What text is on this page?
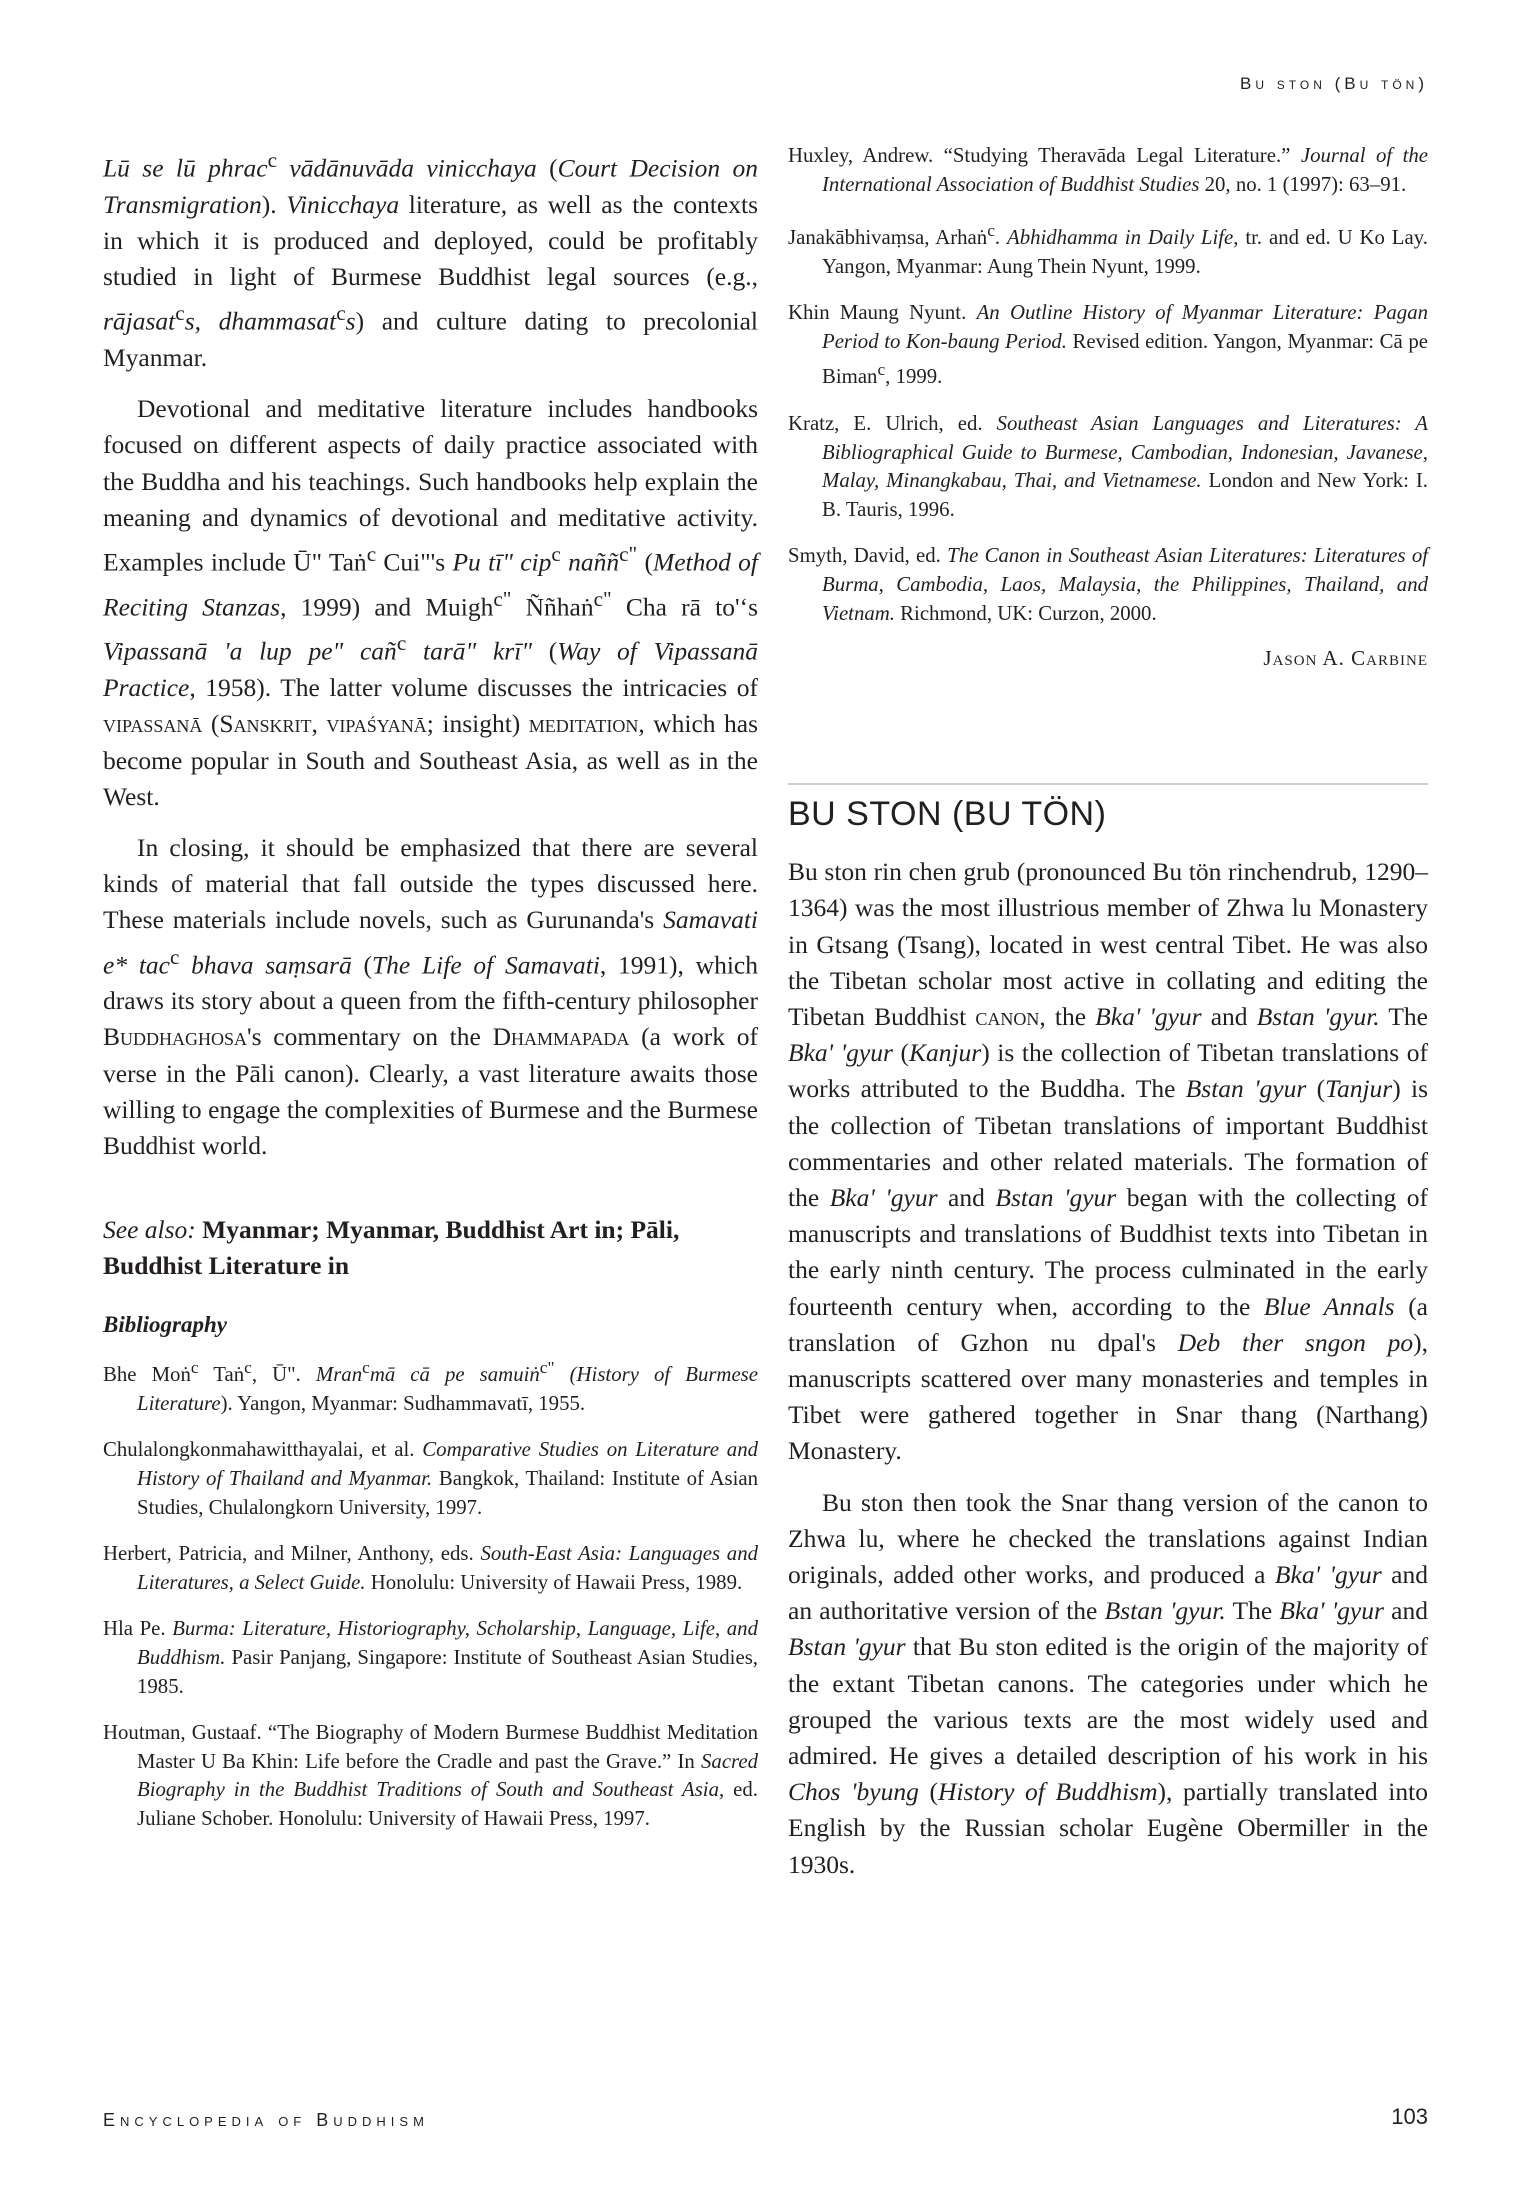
Bu ston (Bu tön)

Lū se lū phrac$^c$ vādānuvāda vinicchaya (Court Decision on Transmigration). Vinicchaya literature, as well as the contexts in which it is produced and deployed, could be profitably studied in light of Burmese Buddhist legal sources (e.g., rājasat$^c$s, dhammasat$^c$s) and culture dating to precolonial Myanmar.

Devotional and meditative literature includes handbooks focused on different aspects of daily practice associated with the Buddha and his teachings. Such handbooks help explain the meaning and dynamics of devotional and meditative activity. Examples include Ū" Taṅ$^c$ Cui"'s Pu tī" cip$^c$ naññ$^{c"}$ (Method of Reciting Stanzas, 1999) and Muigh$^{c"}$ Ññhaṅ$^{c"}$ Cha rā to'‘s Vipassanā 'a lup pe" cañ$^c$ tarā" krī" (Way of Vipassanā Practice, 1958). The latter volume discusses the intricacies of vipassanā (Sanskrit, vipaśyanā; insight) meditation, which has become popular in South and Southeast Asia, as well as in the West.

In closing, it should be emphasized that there are several kinds of material that fall outside the types discussed here. These materials include novels, such as Gurunanda's Samavati e* tac$^c$ bhava saṃsarā (The Life of Samavati, 1991), which draws its story about a queen from the fifth-century philosopher Buddhaghosa's commentary on the Dhammapada (a work of verse in the Pāli canon). Clearly, a vast literature awaits those willing to engage the complexities of Burmese and the Burmese Buddhist world.

See also: Myanmar; Myanmar, Buddhist Art in; Pāli, Buddhist Literature in

Bibliography

Bhe Moṅ$^c$ Taṅ$^c$, Ū". Mran$^c$mā cā pe samuiṅ$^{c"}$ (History of Burmese Literature). Yangon, Myanmar: Sudhammavatī, 1955.

Chulalongkonmahawitthayalai, et al. Comparative Studies on Literature and History of Thailand and Myanmar. Bangkok, Thailand: Institute of Asian Studies, Chulalongkorn University, 1997.

Herbert, Patricia, and Milner, Anthony, eds. South-East Asia: Languages and Literatures, a Select Guide. Honolulu: University of Hawaii Press, 1989.

Hla Pe. Burma: Literature, Historiography, Scholarship, Language, Life, and Buddhism. Pasir Panjang, Singapore: Institute of Southeast Asian Studies, 1985.

Houtman, Gustaaf. “The Biography of Modern Burmese Buddhist Meditation Master U Ba Khin: Life before the Cradle and past the Grave.” In Sacred Biography in the Buddhist Traditions of South and Southeast Asia, ed. Juliane Schober. Honolulu: University of Hawaii Press, 1997.

Huxley, Andrew. “Studying Theravāda Legal Literature.” Journal of the International Association of Buddhist Studies 20, no. 1 (1997): 63–91.

Janakābhivaṃsa, Arhaṅ$^c$. Abhidhamma in Daily Life, tr. and ed. U Ko Lay. Yangon, Myanmar: Aung Thein Nyunt, 1999.

Khin Maung Nyunt. An Outline History of Myanmar Literature: Pagan Period to Kon-baung Period. Revised edition. Yangon, Myanmar: Cā pe Biman$^c$, 1999.

Kratz, E. Ulrich, ed. Southeast Asian Languages and Literatures: A Bibliographical Guide to Burmese, Cambodian, Indonesian, Javanese, Malay, Minangkabau, Thai, and Vietnamese. London and New York: I. B. Tauris, 1996.

Smyth, David, ed. The Canon in Southeast Asian Literatures: Literatures of Burma, Cambodia, Laos, Malaysia, the Philippines, Thailand, and Vietnam. Richmond, UK: Curzon, 2000.

Jason A. Carbine
BU STON (BU TÖN)

Bu ston rin chen grub (pronounced Bu tön rinchendrub, 1290–1364) was the most illustrious member of Zhwa lu Monastery in Gtsang (Tsang), located in west central Tibet. He was also the Tibetan scholar most active in collating and editing the Tibetan Buddhist canon, the Bka' 'gyur and Bstan 'gyur. The Bka' 'gyur (Kanjur) is the collection of Tibetan translations of works attributed to the Buddha. The Bstan 'gyur (Tanjur) is the collection of Tibetan translations of important Buddhist commentaries and other related materials. The formation of the Bka' 'gyur and Bstan 'gyur began with the collecting of manuscripts and translations of Buddhist texts into Tibetan in the early ninth century. The process culminated in the early fourteenth century when, according to the Blue Annals (a translation of Gzhon nu dpal's Deb ther sngon po), manuscripts scattered over many monasteries and temples in Tibet were gathered together in Snar thang (Narthang) Monastery.

Bu ston then took the Snar thang version of the canon to Zhwa lu, where he checked the translations against Indian originals, added other works, and produced a Bka' 'gyur and an authoritative version of the Bstan 'gyur. The Bka' 'gyur and Bstan 'gyur that Bu ston edited is the origin of the majority of the extant Tibetan canons. The categories under which he grouped the various texts are the most widely used and admired. He gives a detailed description of his work in his Chos 'byung (History of Buddhism), partially translated into English by the Russian scholar Eugène Obermiller in the 1930s.

Encyclopedia of Buddhism	103
